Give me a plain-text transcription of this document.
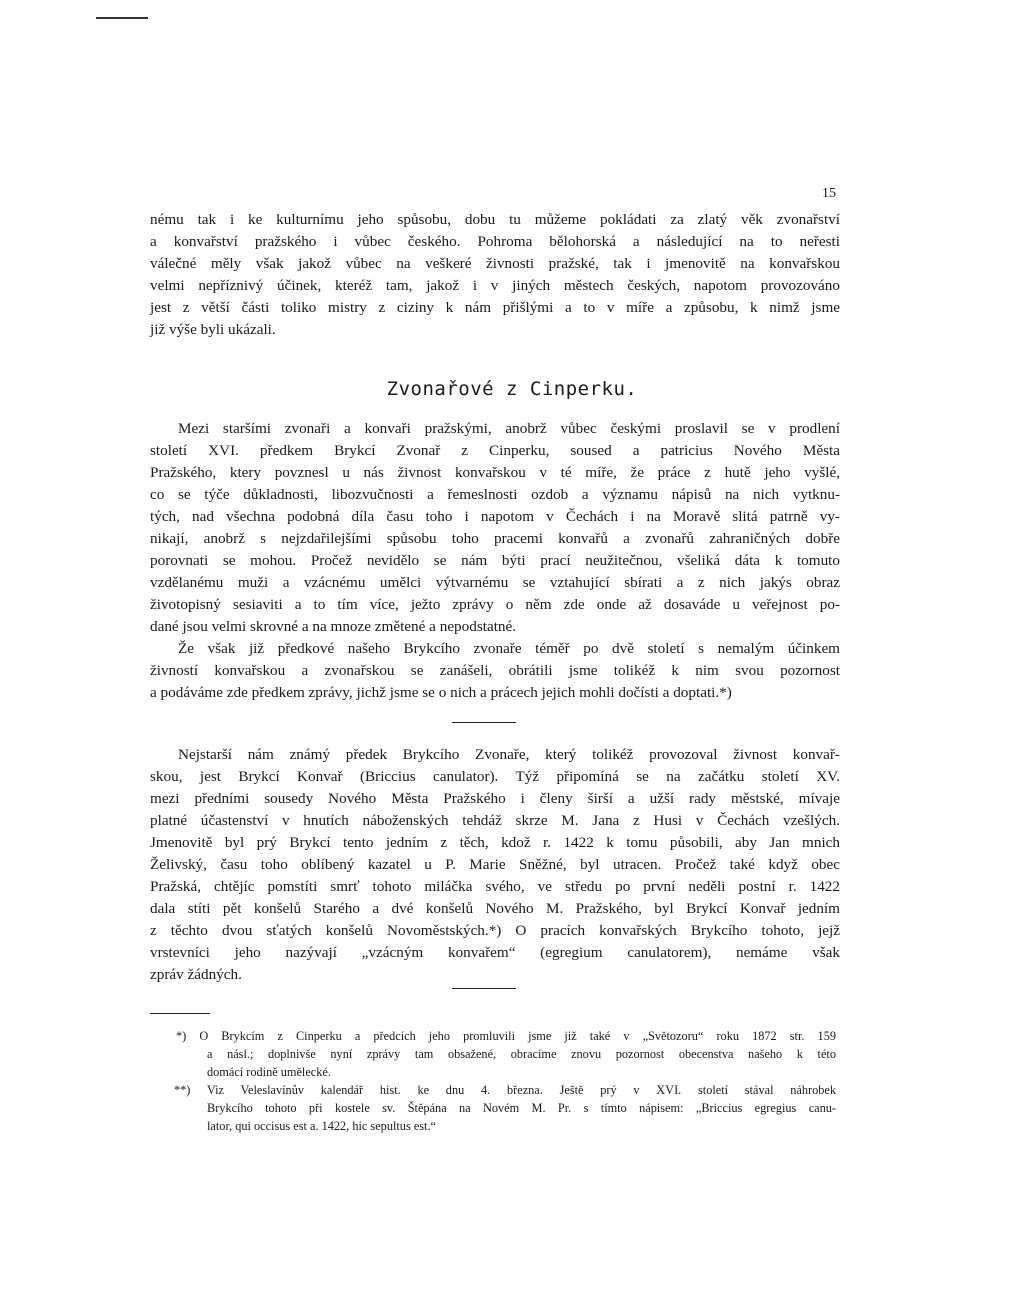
15
nému tak i ke kulturnímu jeho spůsobu, dobu tu můžeme pokládati za zlatý věk zvonařství
a konvařství pražského i vůbec českého. Pohroma bělohorská a následující na to neřesti
válečné měly však jakož vůbec na veškeré živnosti pražské, tak i jmenovitě na konvařskou
velmi nepříznivý účinek, kteréž tam, jakož i v jiných městech českých, napotom provozováno
jest z větší části toliko mistry z ciziny k nám přišlými a to v míře a způsobu, k nimž jsme
již výše byli ukázali.
Zvonařové z Cinperku.
Mezi staršími zvonaři a konvaři pražskými, anobrž vůbec českými proslavil se v prodlení
století XVI. předkem Brykcí Zvonař z Cinperku, soused a patricius Nového Města
Pražského, ktery povznesl u nás živnost konvařskou v té míře, že práce z hutě jeho vyšlé,
co se týče důkladnosti, libozvučnosti a řemeslnosti ozdob a významu nápisů na nich vytknu-
tých, nad všechna podobná díla času toho i napotom v Čechách i na Moravě slitá patrně vy-
nikají, anobrž s nejzdařilejšími spůsobu toho pracemi konvařů a zvonařů zahraničných dobře
porovnati se mohou. Pročež nevidělo se nám býti prací neužitečnou, všeliká dáta k tomuto
vzdělanému muži a vzácnému umělci výtvarnému se vztahující sbírati a z nich jakýs obraz
životopisný sesiaviti a to tím více, ježto zprávy o něm zde onde až dosaváde u veřejnost po-
dané jsou velmi skrovné a na mnoze změtené a nepodstatné.
Že však již předkové našeho Brykcího zvonaře téměř po dvě století s nemalým účinkem
živností konvařskou a zvonařskou se zanášeli, obrátili jsme tolikéž k nim svou pozornost
a podáváme zde předkem zprávy, jichž jsme se o nich a prácech jejich mohli dočísti a doptati.*)
Nejstarší nám známý předek Brykcího Zvonaře, který tolikéž provozoval živnost konvař-
skou, jest Brykcí Konvař (Briccius canulator). Týž připomíná se na začátku století XV.
mezi předními sousedy Nového Města Pražského i členy širší a užší rady městské, mívaje
platné účastenství v hnutích náboženských tehdáž skrze M. Jana z Husi v Čechách vzešlých.
Jmenovitě byl prý Brykcí tento jedním z těch, kdož r. 1422 k tomu působili, aby Jan mnich
Želivský, času toho oblíbený kazatel u P. Marie Sněžné, byl utracen. Pročež také když obec
Pražská, chtějíc pomstíti smrť tohoto miláčka svého, ve středu po první neděli postní r. 1422
dala stíti pět konšelů Starého a dvé konšelů Nového M. Pražského, byl Brykcí Konvař jedním
z těchto dvou sťatých konšelů Novoměstských.*) O pracích konvařských Brykcího tohoto, jejž
vrstevníci jeho nazývají „vzácným konvařem“ (egregium canulatorem), nemáme však
zpráv žádných.
*) O Brykcím z Cinperku a předcích jeho promluvili jsme již také v „Světozoru“ roku 1872 str. 159
a násl.; doplnivše nyní zprávy tam obsažené, obracíme znovu pozornost obecenstva našeho k této
domácí rodině umělecké.
**) Viz Veleslavínův kalendář hist. ke dnu 4. března. Ještě prý v XVI. století stával náhrobek
Brykcího tohoto při kostele sv. Štěpána na Novém M. Pr. s tímto nápisem: „Briccius egregius canu-
lator, qui occisus est a. 1422, hic sepultus est.“
